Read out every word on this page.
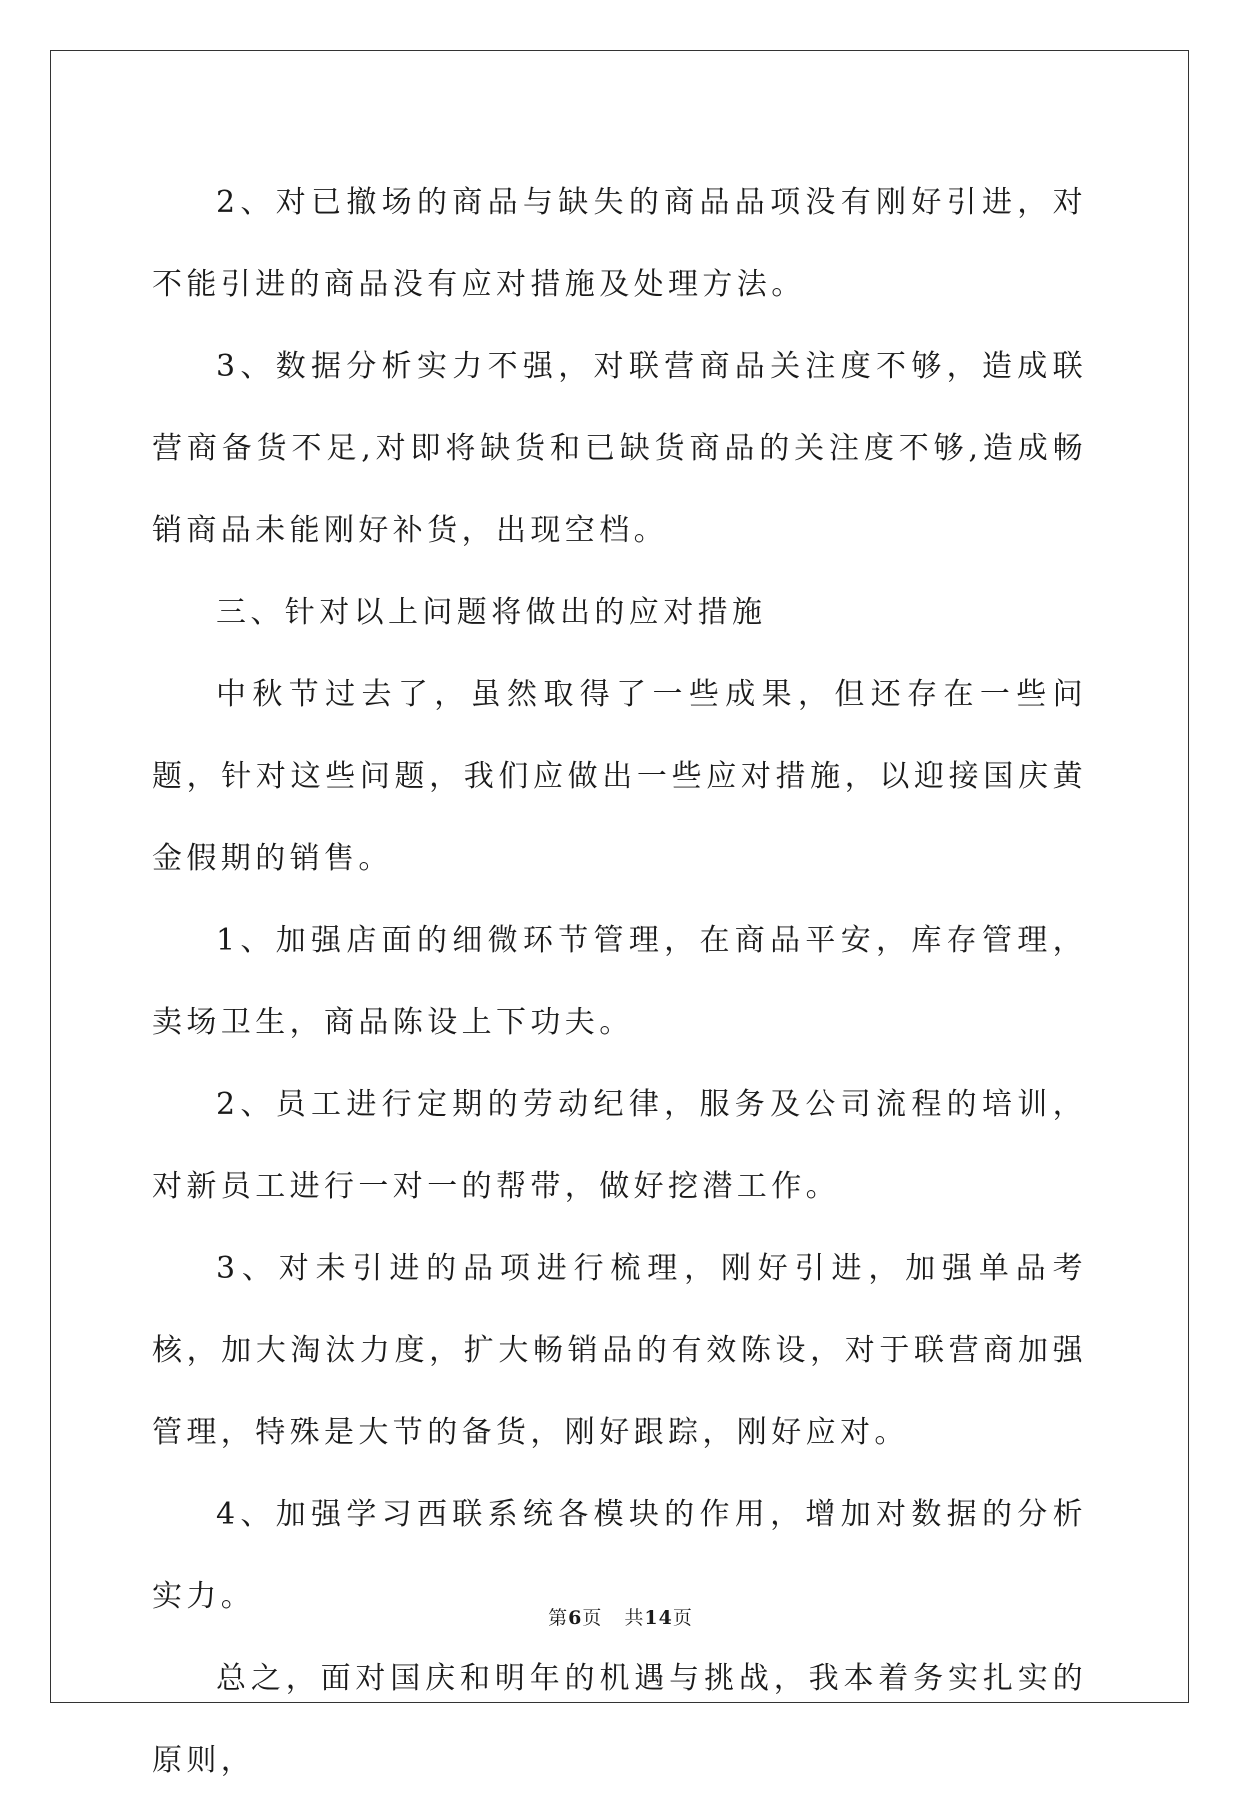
2、对已撤场的商品与缺失的商品品项没有刚好引进，对不能引进的商品没有应对措施及处理方法。

3、数据分析实力不强，对联营商品关注度不够，造成联营商备货不足,对即将缺货和已缺货商品的关注度不够,造成畅销商品未能刚好补货，出现空档。

三、针对以上问题将做出的应对措施

中秋节过去了，虽然取得了一些成果，但还存在一些问题，针对这些问题，我们应做出一些应对措施，以迎接国庆黄金假期的销售。

1、加强店面的细微环节管理，在商品平安，库存管理，卖场卫生，商品陈设上下功夫。

2、员工进行定期的劳动纪律，服务及公司流程的培训，对新员工进行一对一的帮带，做好挖潜工作。

3、对未引进的品项进行梳理，刚好引进，加强单品考核，加大淘汰力度，扩大畅销品的有效陈设，对于联营商加强管理，特殊是大节的备货，刚好跟踪，刚好应对。

4、加强学习西联系统各模块的作用，增加对数据的分析实力。

总之，面对国庆和明年的机遇与挑战，我本着务实扎实的原则，

第6页 共14页
